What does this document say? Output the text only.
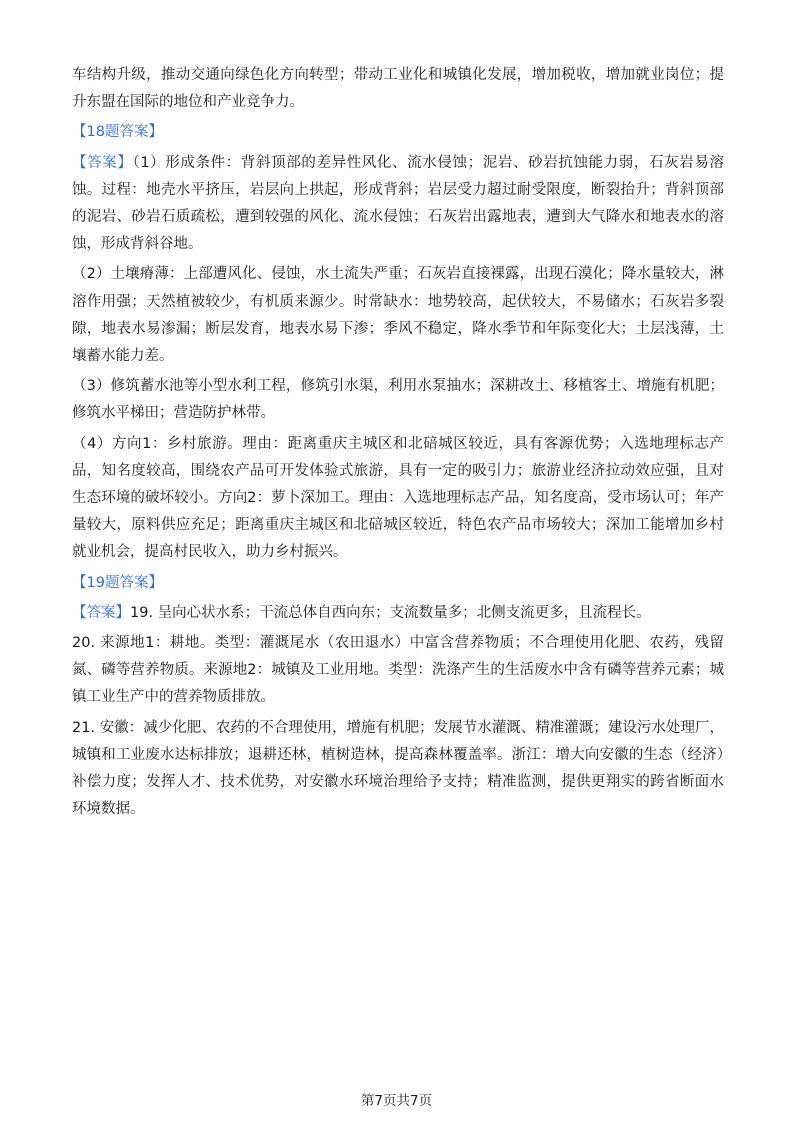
车结构升级，推动交通向绿色化方向转型；带动工业化和城镇化发展，增加税收，增加就业岗位；提升东盟在国际的地位和产业竞争力。

【18题答案】

【答案】（1）形成条件：背斜顶部的差异性风化、流水侵蚀；泥岩、砂岩抗蚀能力弱，石灰岩易溶蚀。过程：地壳水平挤压，岩层向上拱起，形成背斜；岩层受力超过耐受限度，断裂抬升；背斜顶部的泥岩、砂岩石质疏松，遭到较强的风化、流水侵蚀；石灰岩出露地表，遭到大气降水和地表水的溶蚀，形成背斜谷地。

（2）土壤瘠薄：上部遭风化、侵蚀，水土流失严重；石灰岩直接裸露，出现石漠化；降水量较大，淋溶作用强；天然植被较少，有机质来源少。时常缺水：地势较高，起伏较大，不易储水；石灰岩多裂隙，地表水易渗漏；断层发育，地表水易下渗；季风不稳定，降水季节和年际变化大；土层浅薄，土壤蓄水能力差。

（3）修筑蓄水池等小型水利工程，修筑引水渠，利用水泵抽水；深耕改土、移植客土、增施有机肥；修筑水平梯田；营造防护林带。

（4）方向1：乡村旅游。理由：距离重庆主城区和北碚城区较近，具有客源优势；入选地理标志产品，知名度较高，围绕农产品可开发体验式旅游，具有一定的吸引力；旅游业经济拉动效应强，且对生态环境的破坏较小。方向2：萝卜深加工。理由：入选地理标志产品，知名度高，受市场认可；年产量较大，原料供应充足；距离重庆主城区和北碚城区较近，特色农产品市场较大；深加工能增加乡村就业机会，提高村民收入，助力乡村振兴。

【19题答案】

【答案】19. 呈向心状水系；干流总体自西向东；支流数量多；北侧支流更多，且流程长。

20. 来源地1：耕地。类型：灌溉尾水（农田退水）中富含营养物质；不合理使用化肥、农药，残留氮、磷等营养物质。来源地2：城镇及工业用地。类型：洗涤产生的生活废水中含有磷等营养元素；城镇工业生产中的营养物质排放。

21. 安徽：减少化肥、农药的不合理使用，增施有机肥；发展节水灌溉、精准灌溉；建设污水处理厂，城镇和工业废水达标排放；退耕还林，植树造林，提高森林覆盖率。浙江：增大向安徽的生态（经济）补偿力度；发挥人才、技术优势，对安徽水环境治理给予支持；精准监测，提供更翔实的跨省断面水环境数据。

第7页共7页
